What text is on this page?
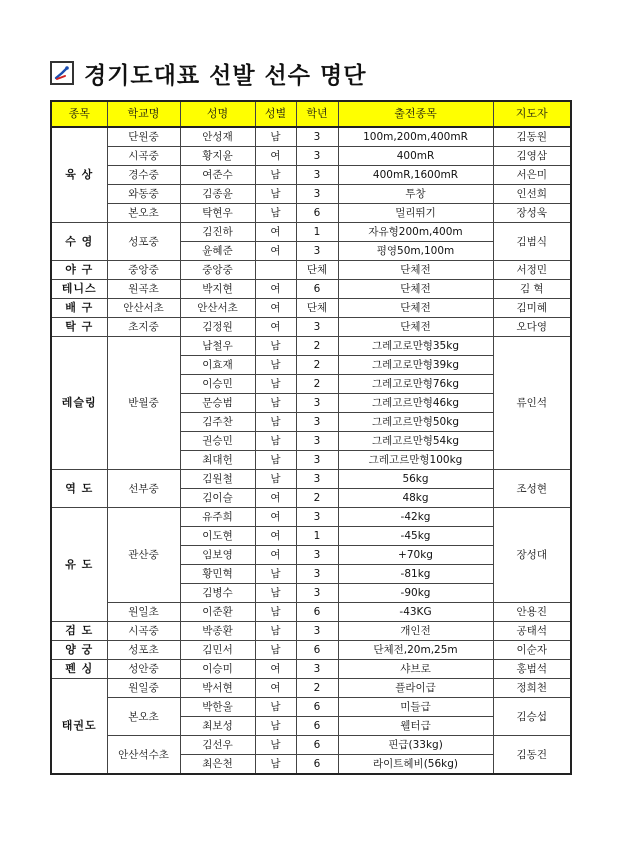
경기도대표 선발 선수 명단
종목	학교명	성명	성별	학년	출전종목	지도자
육 상	단원중	안성재	남	3	100m,200m,400mR	김동원
	시곡중	황지윤	여	3	400mR	김영삼
	경수중	여준수	남	3	400mR,1600mR	서은미
	와동중	김종윤	남	3	투창	인선희
	본오초	탁현우	남	6	멀리뛰기	장성욱
수 영	성포중	김진하	여	1	자유형200m,400m	김범식
		윤혜준	여	3	평영50m,100m	
야 구	중앙중	중앙중		단체	단체전	서정민
테니스	원곡초	박지현	여	6	단체전	김 혁
배 구	안산서초	안산서초	여	단체	단체전	김미혜
탁 구	초지중	김정원	여	3	단체전	오다영
레슬링	반월중	남철우	남	2	그레고로만형35kg	류인석
		이효재	남	2	그레고로만형39kg	
		이승민	남	2	그레고로만형76kg	
		문승범	남	3	그레고르만형46kg	
		김주찬	남	3	그레고르만형50kg	
		권승민	남	3	그레고르만형54kg	
		최대헌	남	3	그레고르만형100kg	
역 도	선부중	김원철	남	3	56kg	조성현
		김이슬	여	2	48kg	
유 도	관산중	유주희	여	3	-42kg	장성대
		이도현	여	1	-45kg	
		임보영	여	3	+70kg	
		황민혁	남	3	-81kg	
		김병수	남	3	-90kg	
	원일초	이준환	남	6	-43KG	안용진
검 도	시곡중	박종환	남	3	개인전	공태석
양 궁	성포초	김민서	남	6	단체전,20m,25m	이순자
펜 싱	성안중	이승미	여	3	샤브로	홍범석
태권도	원일중	박서현	여	2	플라이급	정희천
	본오초	박한울	남	6	미들급	김승섭
		최보성	남	6	웰터급	
	안산석수초	김선우	남	6	핀급(33kg)	김동건
		최은천	남	6	라이트헤비(56kg)	
